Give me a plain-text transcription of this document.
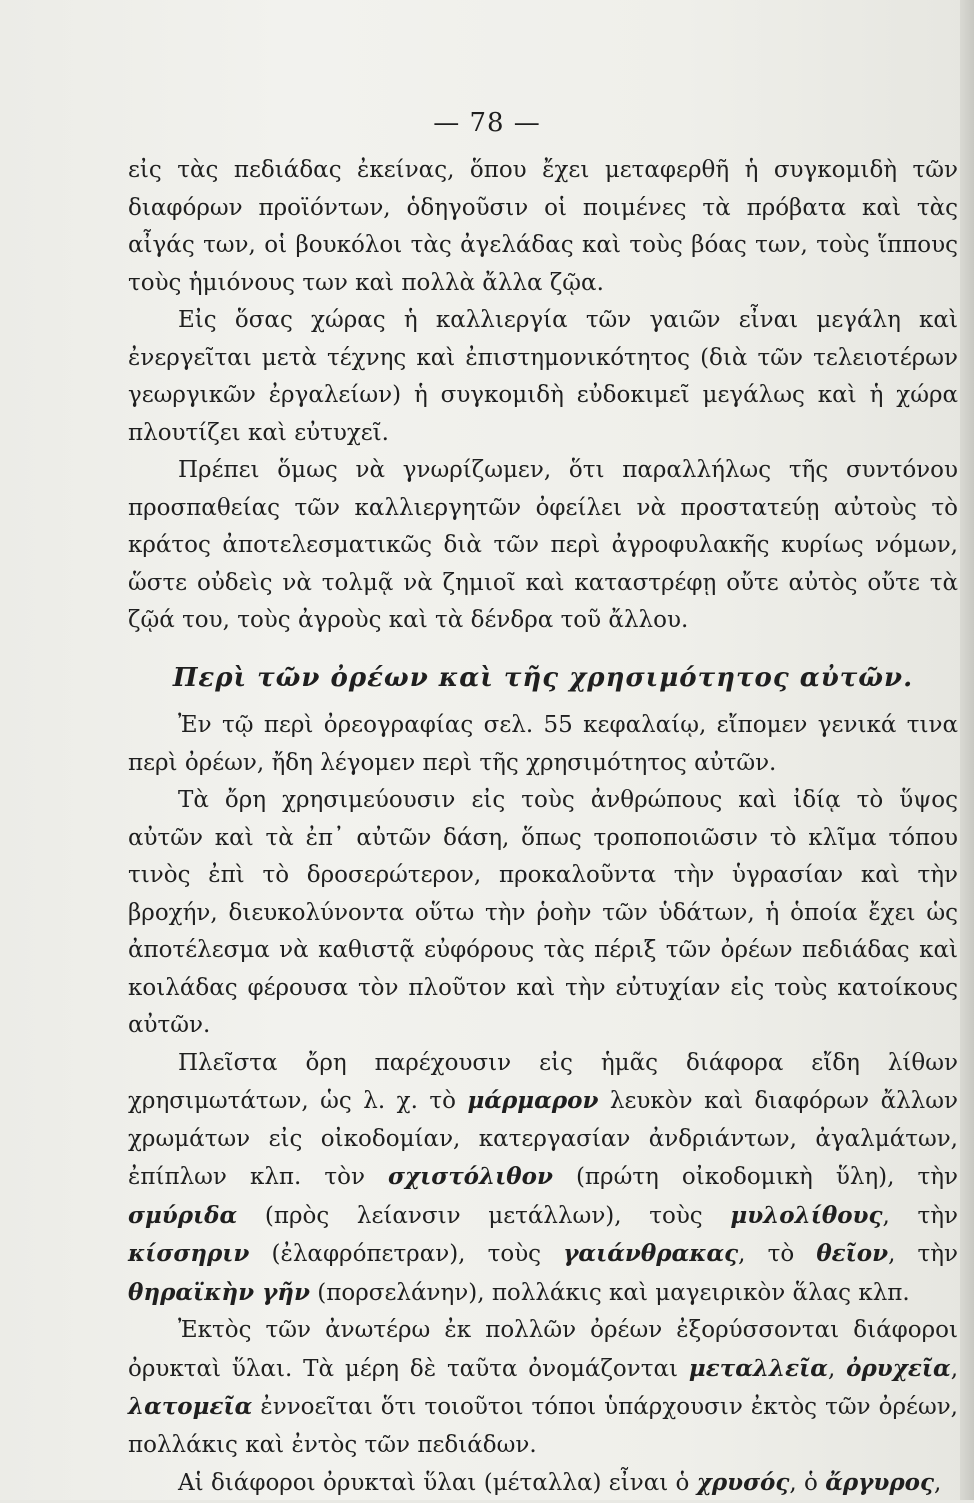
— 78 —

εἰς τὰς πεδιάδας ἐκείνας, ὅπου ἔχει μεταφερθῆ ἡ συγκομιδὴ τῶν διαφόρων προϊόντων, ὁδηγοῦσιν οἱ ποιμένες τὰ πρόβατα καὶ τὰς αἶγάς των, οἱ βουκόλοι τὰς ἀγελάδας καὶ τοὺς βόας των, τοὺς ἵππους τοὺς ἡμιόνους των καὶ πολλὰ ἄλλα ζῷα.

Εἰς ὅσας χώρας ἡ καλλιεργία τῶν γαιῶν εἶναι μεγάλη καὶ ἐνεργεῖται μετὰ τέχνης καὶ ἐπιστημονικότητος (διὰ τῶν τελειοτέρων γεωργικῶν ἐργαλείων) ἡ συγκομιδὴ εὐδοκιμεῖ μεγάλως καὶ ἡ χώρα πλουτίζει καὶ εὐτυχεῖ.

Πρέπει ὅμως νὰ γνωρίζωμεν, ὅτι παραλλήλως τῆς συντόνου προσπαθείας τῶν καλλιεργητῶν ὀφείλει νὰ προστατεύῃ αὐτοὺς τὸ κράτος ἀποτελεσματικῶς διὰ τῶν περὶ ἀγροφυλακῆς κυρίως νόμων, ὥστε οὐδεὶς νὰ τολμᾷ νὰ ζημιοῖ καὶ καταστρέφῃ οὔτε αὐτὸς οὔτε τὰ ζῷά του, τοὺς ἀγροὺς καὶ τὰ δένδρα τοῦ ἄλλου.

Περὶ τῶν ὀρέων καὶ τῆς χρησιμότητος αὐτῶν.

Ἐν τῷ περὶ ὀρεογραφίας σελ. 55 κεφαλαίῳ, εἴπομεν γενικά τινα περὶ ὀρέων, ἤδη λέγομεν περὶ τῆς χρησιμότητος αὐτῶν.

Τὰ ὄρη χρησιμεύουσιν εἰς τοὺς ἀνθρώπους καὶ ἰδίᾳ τὸ ὕψος αὐτῶν καὶ τὰ ἐπ᾽ αὐτῶν δάση, ὅπως τροποποιῶσιν τὸ κλῖμα τόπου τινὸς ἐπὶ τὸ δροσερώτερον, προκαλοῦντα τὴν ὑγρασίαν καὶ τὴν βροχήν, διευκολύνοντα οὕτω τὴν ῥοὴν τῶν ὑδάτων, ἡ ὁποία ἔχει ὡς ἀποτέλεσμα νὰ καθιστᾷ εὐφόρους τὰς πέριξ τῶν ὀρέων πεδιάδας καὶ κοιλάδας φέρουσα τὸν πλοῦτον καὶ τὴν εὐτυχίαν εἰς τοὺς κατοίκους αὐτῶν.

Πλεῖστα ὄρη παρέχουσιν εἰς ἡμᾶς διάφορα εἴδη λίθων χρησιμωτάτων, ὡς λ. χ. τὸ μάρμαρον λευκὸν καὶ διαφόρων ἄλλων χρωμάτων εἰς οἰκοδομίαν, κατεργασίαν ἀνδριάντων, ἀγαλμάτων, ἐπίπλων κλπ. τὸν σχιστόλιθον (πρώτη οἰκοδομικὴ ὕλη), τὴν σμύριδα (πρὸς λείανσιν μετάλλων), τοὺς μυλολίθους, τὴν κίσσηριν (ἐλαφρόπετραν), τοὺς γαιάνθρακας, τὸ θεῖον, τὴν θηραϊκὴν γῆν (πορσελάνην), πολλάκις καὶ μαγειρικὸν ἅλας κλπ.

Ἐκτὸς τῶν ἀνωτέρω ἐκ πολλῶν ὀρέων ἐξορύσσονται διάφοροι ὀρυκταὶ ὕλαι. Τὰ μέρη δὲ ταῦτα ὀνομάζονται μεταλλεῖα, ὀρυχεῖα, λατομεῖα ἐννοεῖται ὅτι τοιοῦτοι τόποι ὑπάρχουσιν ἐκτὸς τῶν ὀρέων, πολλάκις καὶ ἐντὸς τῶν πεδιάδων.

Αἱ διάφοροι ὀρυκταὶ ὕλαι (μέταλλα) εἶναι ὁ χρυσός, ὁ ἄργυρος,
